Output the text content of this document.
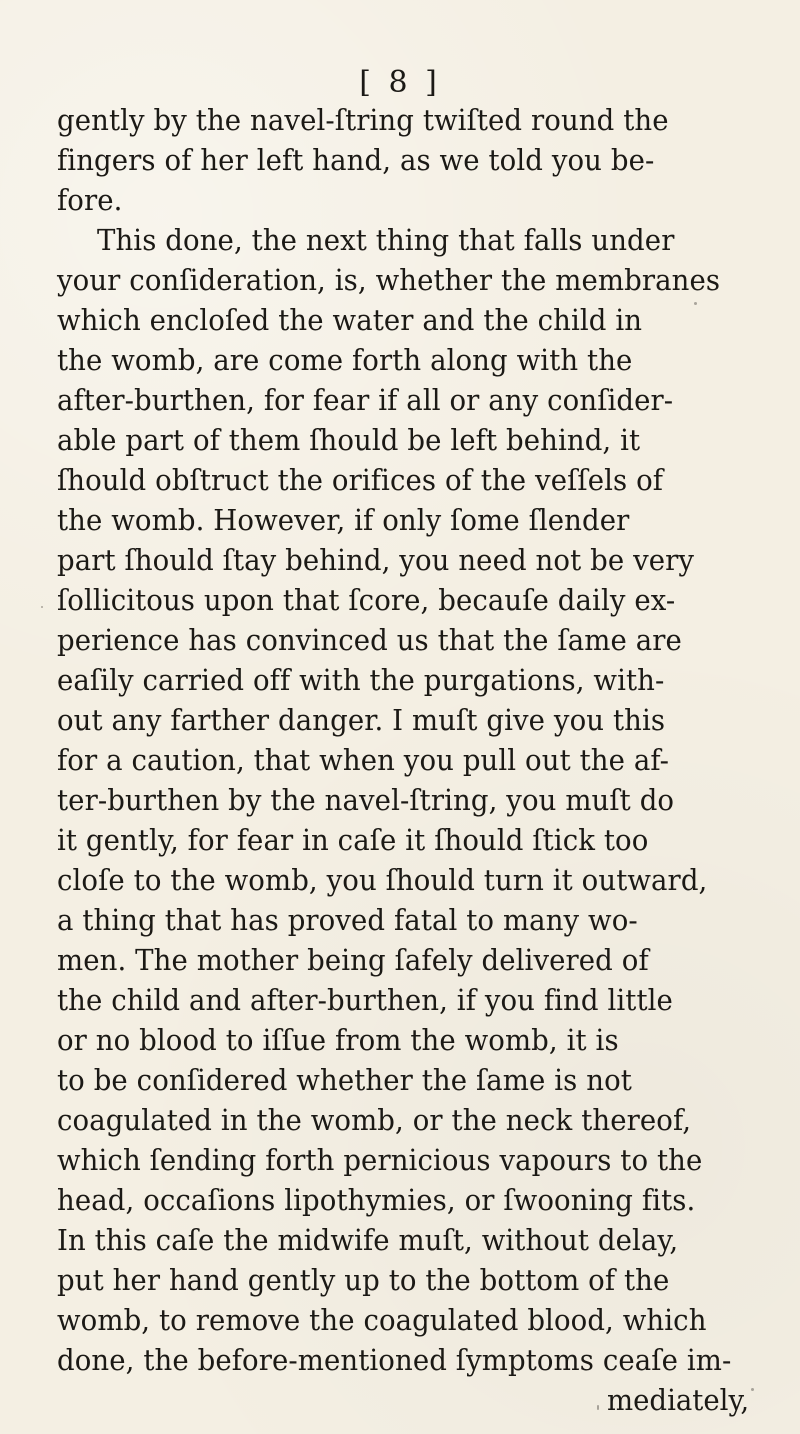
[ 8 ]
gently by the navel-ſtring twiſted round the
fingers of her left hand, as we told you be-
fore.
This done, the next thing that falls under
your conſideration, is, whether the membranes
which encloſed the water and the child in
the womb, are come forth along with the
after-burthen, for fear if all or any conſider-
able part of them ſhould be left behind, it
ſhould obſtruct the orifices of the veſſels of
the womb. However, if only ſome ſlender
part ſhould ſtay behind, you need not be very
ſollicitous upon that ſcore, becauſe daily ex-
perience has convinced us that the ſame are
eaſily carried off with the purgations, with-
out any farther danger. I muſt give you this
for a caution, that when you pull out the af-
ter-burthen by the navel-ſtring, you muſt do
it gently, for fear in caſe it ſhould ſtick too
cloſe to the womb, you ſhould turn it outward,
a thing that has proved fatal to many wo-
men. The mother being ſafely delivered of
the child and after-burthen, if you find little
or no blood to iſſue from the womb, it is
to be conſidered whether the ſame is not
coagulated in the womb, or the neck thereof,
which ſending forth pernicious vapours to the
head, occaſions lipothymies, or ſwooning fits.
In this caſe the midwife muſt, without delay,
put her hand gently up to the bottom of the
womb, to remove the coagulated blood, which
done, the before-mentioned ſymptoms ceaſe im-
mediately,
